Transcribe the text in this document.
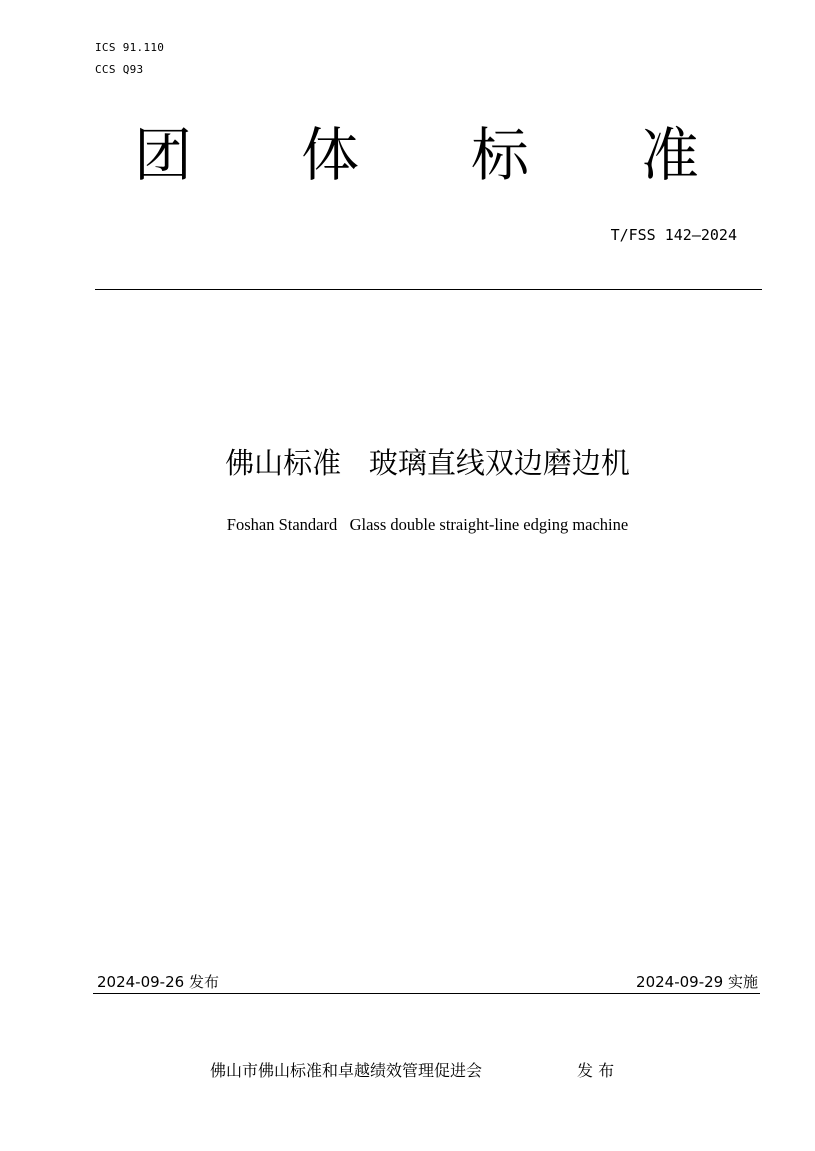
ICS 91.110
CCS Q93
团 体 标 准
T/FSS 142—2024
佛山标准   玻璃直线双边磨边机
Foshan Standard   Glass double straight-line edging machine
2024-09-26 发布	2024-09-29 实施
佛山市佛山标准和卓越绩效管理促进会	发 布
